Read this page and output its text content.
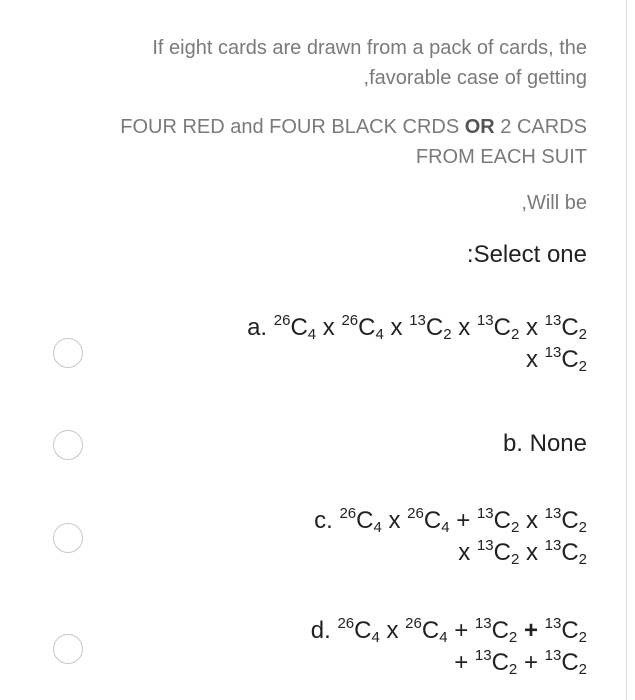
If eight cards are drawn from a pack of cards, the
,favorable case of getting
FOUR RED and FOUR BLACK CRDS OR 2 CARDS
FROM EACH SUIT
,Will be
:Select one
a. $^{26}C_4$ x $^{26}C_4$ x $^{13}C_2$ x $^{13}C_2$ x $^{13}C_2$
x $^{13}C_2$
b. None
c. $^{26}C_4$ x $^{26}C_4 + ^{13}C_2$ x $^{13}C_2$
x $^{13}C_2$ x $^{13}C_2$
d. $^{26}C_4$ x $^{26}C_4 + ^{13}C_2 + ^{13}C_2$
+ $^{13}C_2 + ^{13}C_2$
